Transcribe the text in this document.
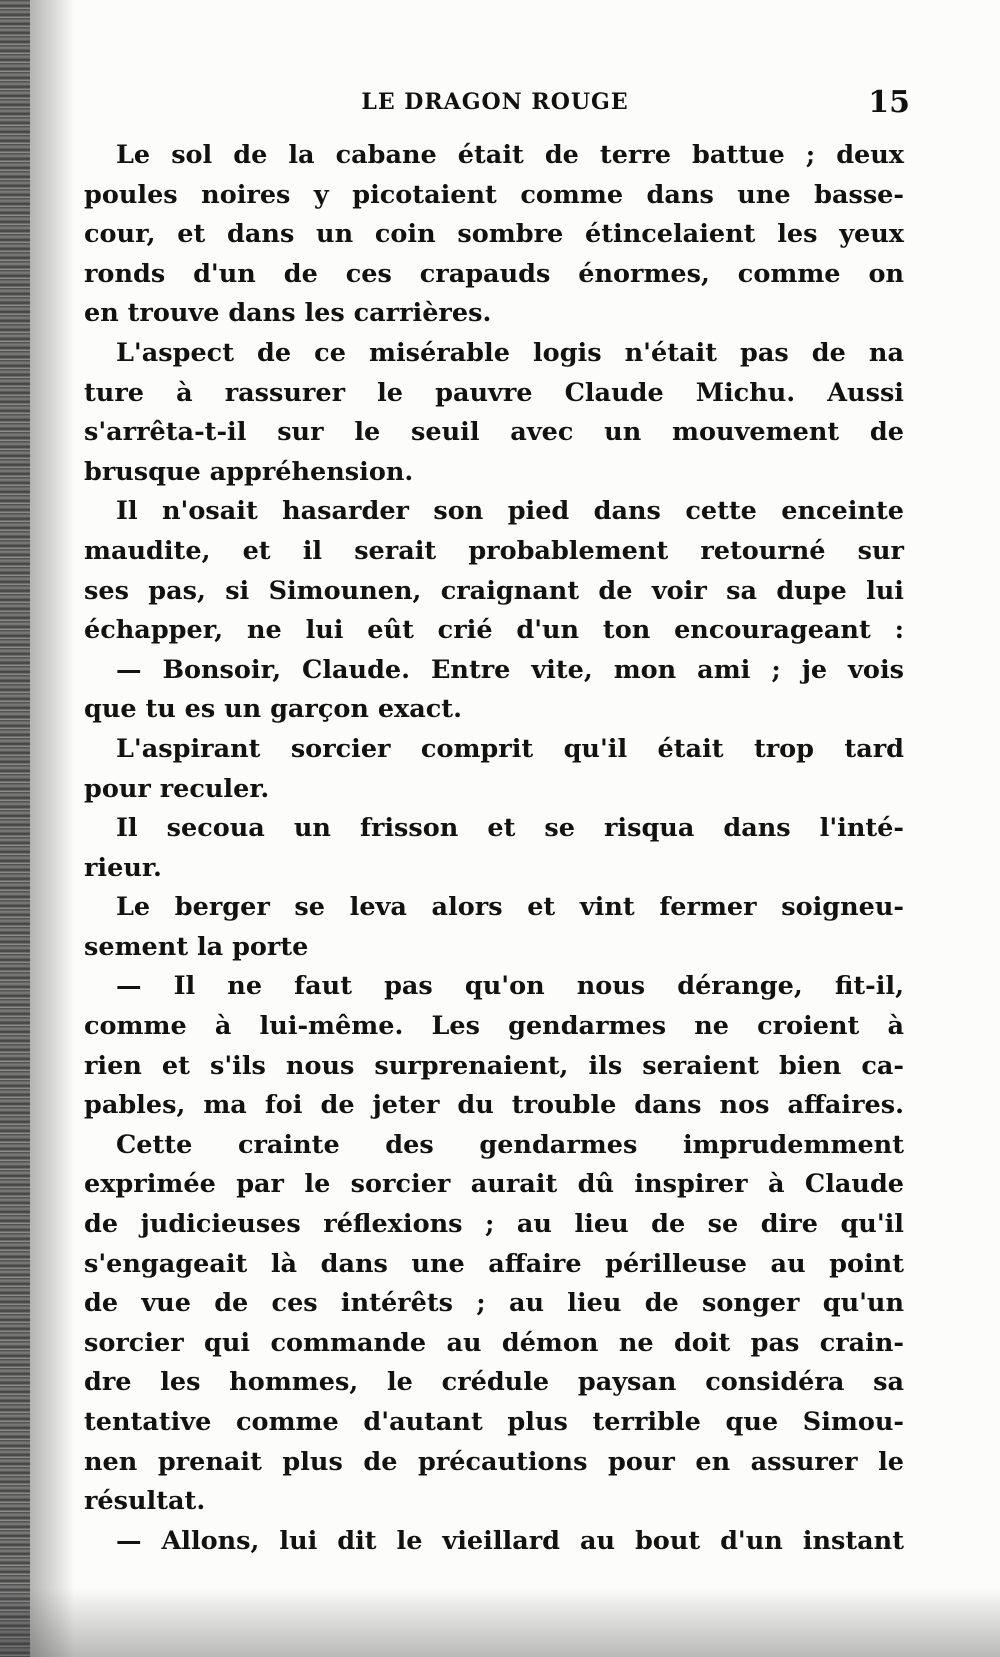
LE DRAGON ROUGE	15
Le sol de la cabane était de terre battue ; deux
poules noires y picotaient comme dans une basse-
cour, et dans un coin sombre étincelaient les yeux
ronds d'un de ces crapauds énormes, comme on
en trouve dans les carrières.
L'aspect de ce misérable logis n'était pas de na
ture à rassurer le pauvre Claude Michu. Aussi
s'arrêta-t-il sur le seuil avec un mouvement de
brusque appréhension.
Il n'osait hasarder son pied dans cette enceinte
maudite, et il serait probablement retourné sur
ses pas, si Simounen, craignant de voir sa dupe lui
échapper, ne lui eût crié d'un ton encourageant :
— Bonsoir, Claude. Entre vite, mon ami ; je vois
que tu es un garçon exact.
L'aspirant sorcier comprit qu'il était trop tard
pour reculer.
Il secoua un frisson et se risqua dans l'inté-
rieur.
Le berger se leva alors et vint fermer soigneu-
sement la porte
— Il ne faut pas qu'on nous dérange, fit-il,
comme à lui-même. Les gendarmes ne croient à
rien et s'ils nous surprenaient, ils seraient bien ca-
pables, ma foi de jeter du trouble dans nos affaires.
Cette crainte des gendarmes imprudemment
exprimée par le sorcier aurait dû inspirer à Claude
de judicieuses réflexions ; au lieu de se dire qu'il
s'engageait là dans une affaire périlleuse au point
de vue de ces intérêts ; au lieu de songer qu'un
sorcier qui commande au démon ne doit pas crain-
dre les hommes, le crédule paysan considéra sa
tentative comme d'autant plus terrible que Simou-
nen prenait plus de précautions pour en assurer le
résultat.
— Allons, lui dit le vieillard au bout d'un instant
